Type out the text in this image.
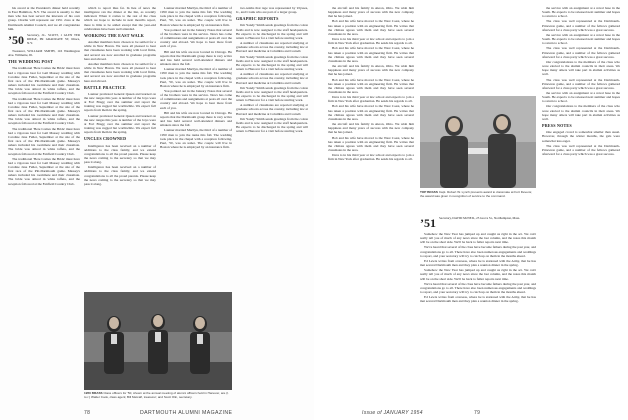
his award at the President's dinner held recently in East Hamilton, N.Y. The award is usually to that man who has best served the interests of his own group. Charlie will represent our 1951 class at the Dartmouth Alumni Council, and we all congratulate him.

’50 Secretary, J.L. SCOTT, 1 GLEN TER RIDGE, PR GRADUATE ST, Ithaca, N.Y.

Treasurer, WILLIAM SMITH, 116 Washington Ave. Wilmette, Ill.

THE WEDDING POST

The traditional 'Here Comes the Bride' must have had a vigorous beat for Gail Massey wedding with Caroline Jane Fuller, September at the site of the first race of the Pitt-Dartmouth game. Massey's ushers included his roommate and their classmate. The bride was attired in white taffeta, and the reception followed at the Fairfield Country Club.

The traditional 'Here Comes the Bride' must have had a vigorous beat for Gail Massey wedding with Caroline Jane Fuller, September at the site of the first race of the Pitt-Dartmouth game. Massey's ushers included his roommate and their classmate. The bride was attired in white taffeta, and the reception followed at the Fairfield Country Club.

The traditional 'Here Comes the Bride' must have had a vigorous beat for Gail Massey wedding with Caroline Jane Fuller, September at the site of the first race of the Pitt-Dartmouth game. Massey's ushers included his roommate and their classmate. The bride was attired in white taffeta, and the reception followed at the Fairfield Country Club.

The traditional 'Here Comes the Bride' must have had a vigorous beat for Gail Massey wedding with Caroline Jane Fuller, September at the site of the first race of the Pitt-Dartmouth game. Massey's ushers included his roommate and their classmate. The bride was attired in white taffeta, and the reception followed at the Fairfield Country Club.

which to report thus far. In lieu of news the intelligence ran the dinner at the Inn, as recently indicated. When it comes to the rest of the class which we hope to include in next month's report, there is little to be added except that the year-end celebrations have been well attended.

WORKING THE EAST WALK

Another members have chosen to be settled for a while in New Haven. We were all pleased to hear that classmates have been working with local firms, and several are now enrolled in graduate programs here and abroad.

Another members have chosen to be settled for a while in New Haven. We were all pleased to hear that classmates have been working with local firms, and several are now enrolled in graduate programs here and abroad.

BATTLE PRACTICE

Lautner promoted General Queen and learned on the new ranges this year. A number of the boys were at Fort Bragg over the summer and report the training was rugged but worthwhile. We expect full reports from them in the spring.

Lautner promoted General Queen and learned on the new ranges this year. A number of the boys were at Fort Bragg over the summer and report the training was rugged but worthwhile. We expect full reports from them in the spring.

UNCLES CROWNED

Intelligence has been received on a number of additions to the class family, and we extend congratulations to all the proud parents. Please keep the news coming to the secretary so that we may pass it along.

Intelligence has been received on a number of additions to the class family, and we extend congratulations to all the proud parents. Please keep the news coming to the secretary so that we may pass it along.

Lautner married Marilyn, the third of a number of 1950 men to join the ranks this fall. The wedding took place in the chapel with a reception following. Paul, '50, was an usher. The couple will live in Boston where he is employed by an insurance firm.

You pointed out in the January Notes that several of the brothers were in the service. News has come of commissions and assignments at posts all over the country and abroad. We hope to hear more from each of you.

Bill and his wife are now located in Chicago. He reports that the Dartmouth group there is very active and has held several well-attended dinners and smokers since the fall.

Lautner married Marilyn, the third of a number of 1950 men to join the ranks this fall. The wedding took place in the chapel with a reception following. Paul, '50, was an usher. The couple will live in Boston where he is employed by an insurance firm.

You pointed out in the January Notes that several of the brothers were in the service. News has come of commissions and assignments at posts all over the country and abroad. We hope to hear more from each of you.

Bill and his wife are now located in Chicago. He reports that the Dartmouth group there is very active and has held several well-attended dinners and smokers since the fall.

Lautner married Marilyn, the third of a number of 1950 men to join the ranks this fall. The wedding took place in the chapel with a reception following. Paul, '50, was an usher. The couple will live in Boston where he is employed by an insurance firm.

two-tenths that rage was represented by Ulysses, Jr., and Cronk who are part of a larger group.

GRAPHIC REPORTS

Jim 'Sandy' Smith sends greetings from the cotton fields and is now assigned to the staff headquarters. He expects to be discharged in the spring and will return to Hanover for a visit before starting work.

A number of classmates are reported studying at graduate schools across the country, including law at Harvard and medicine at Columbia and Cornell.

Jim 'Sandy' Smith sends greetings from the cotton fields and is now assigned to the staff headquarters. He expects to be discharged in the spring and will return to Hanover for a visit before starting work.

A number of classmates are reported studying at graduate schools across the country, including law at Harvard and medicine at Columbia and Cornell.

Jim 'Sandy' Smith sends greetings from the cotton fields and is now assigned to the staff headquarters. He expects to be discharged in the spring and will return to Hanover for a visit before starting work.

A number of classmates are reported studying at graduate schools across the country, including law at Harvard and medicine at Columbia and Cornell.

Jim 'Sandy' Smith sends greetings from the cotton fields and is now assigned to the staff headquarters. He expects to be discharged in the spring and will return to Hanover for a visit before starting work.

1950 BRASS Class officers for '50, shown at the annual meeting of alumni officers held in Hanover, are (l. to r.) Walter Cook, class agent; Bill Metcalf, treasurer; and Scott Olin, secretary.
78	DARTMOUTH ALUMNI MAGAZINE

the aircraft and his family in Akron, Ohio. We wish him happiness and many years of success with the new company that he has joined.

Bob and his wife have moved to the West Coast, where he has taken a position with an engineering firm. He writes that the climate agrees with them and they have seen several classmates in the area.

Dave is in his third year at law school and expects to join a firm in New York after graduation. He sends his regards to all.

Bob and his wife have moved to the West Coast, where he has taken a position with an engineering firm. He writes that the climate agrees with them and they have seen several classmates in the area.

the aircraft and his family in Akron, Ohio. We wish him happiness and many years of success with the new company that he has joined.

Bob and his wife have moved to the West Coast, where he has taken a position with an engineering firm. He writes that the climate agrees with them and they have seen several classmates in the area.

Dave is in his third year at law school and expects to join a firm in New York after graduation. He sends his regards to all.

Bob and his wife have moved to the West Coast, where he has taken a position with an engineering firm. He writes that the climate agrees with them and they have seen several classmates in the area.

the aircraft and his family in Akron, Ohio. We wish him happiness and many years of success with the new company that he has joined.

Bob and his wife have moved to the West Coast, where he has taken a position with an engineering firm. He writes that the climate agrees with them and they have seen several classmates in the area.

Dave is in his third year at law school and expects to join a firm in New York after graduation. He sends his regards to all.

TOP BRASS Capt. Robert W. Lynch presents award to classmate at Fort Devens; the award was given in recognition of service to the command.
’51 Secretary, DAVID McNEIL, 25 Grove St., Northampton, Mass.

Somehow the New Year has jumped up and caught us right in the act. We can't really tell you of much of any news since the last column, and the notes this month will be on the short side. We'll be back to fuller reports next time.

We've heard that several of the class have become fathers during the past year, and congratulations go to all. There have also been numerous engagements and weddings to report, and your secretary will try to catch up on them in the months ahead.

Ed Lewis writes from overseas, where he is stationed with the Army, that he has met several Dartmouth men and they plan a reunion dinner in the spring.

Somehow the New Year has jumped up and caught us right in the act. We can't really tell you of much of any news since the last column, and the notes this month will be on the short side. We'll be back to fuller reports next time.

We've heard that several of the class have become fathers during the past year, and congratulations go to all. There have also been numerous engagements and weddings to report, and your secretary will try to catch up on them in the months ahead.

Ed Lewis writes from overseas, where he is stationed with the Army, that he has met several Dartmouth men and they plan a reunion dinner in the spring.

the service with an assignment at a naval base in the South. He expects to be released next summer and hopes to return to school.

The class was well represented at the Dartmouth-Princeton game, and a number of the fellows gathered afterward for a class party which was a great success.

the service with an assignment at a naval base in the South. He expects to be released next summer and hopes to return to school.

The class was well represented at the Dartmouth-Princeton game, and a number of the fellows gathered afterward for a class party which was a great success.

Our congratulations to the members of the class who were elected to the alumni councils in their areas. We hope many others will take part in alumni activities as well.

The class was well represented at the Dartmouth-Princeton game, and a number of the fellows gathered afterward for a class party which was a great success.

the service with an assignment at a naval base in the South. He expects to be released next summer and hopes to return to school.

Our congratulations to the members of the class who were elected to the alumni councils in their areas. We hope many others will take part in alumni activities as well.

PRESS NOTES

One engaged crowd is somewhat smaller than usual. However, through the winter months, the gals were somewhat less eager.

The class was well represented at the Dartmouth-Princeton game, and a number of the fellows gathered afterward for a class party which was a great success.

Issue of JANUARY 1954	79
